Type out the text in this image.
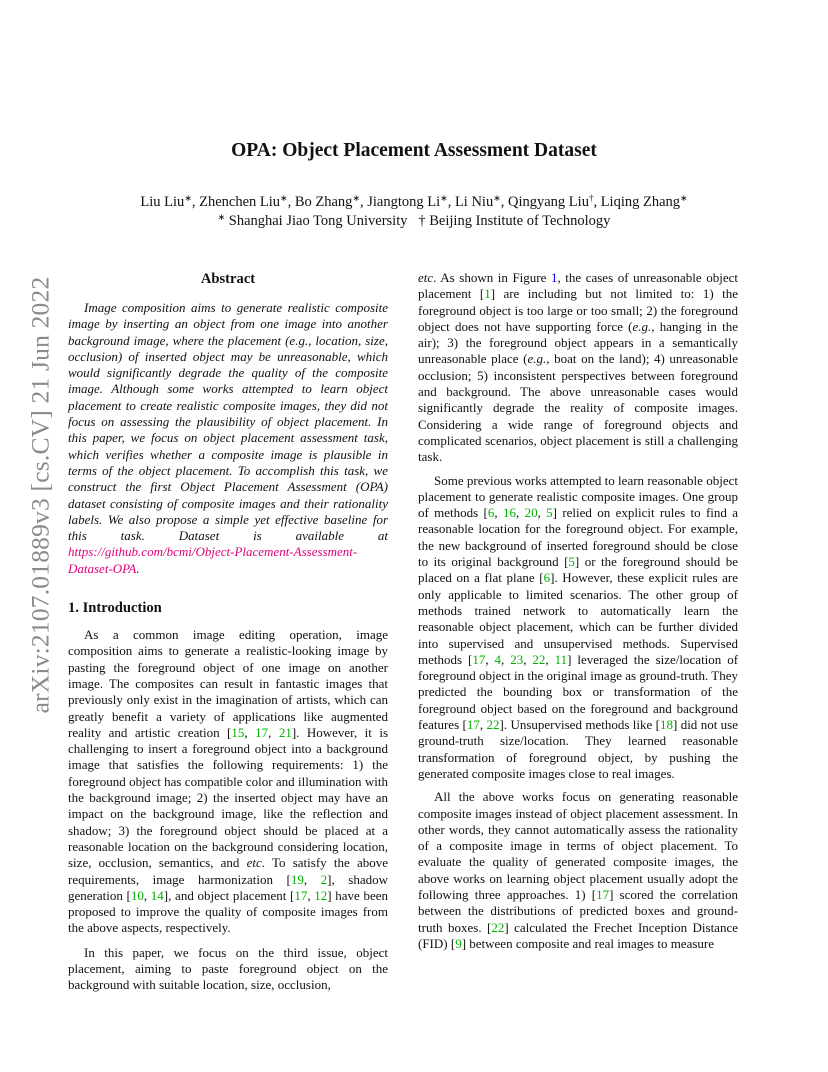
arXiv:2107.01889v3 [cs.CV] 21 Jun 2022
OPA: Object Placement Assessment Dataset
Liu Liu∗, Zhenchen Liu∗, Bo Zhang∗, Jiangtong Li∗, Li Niu∗, Qingyang Liu†, Liqing Zhang∗
∗ Shanghai Jiao Tong University   † Beijing Institute of Technology
Abstract

Image composition aims to generate realistic composite image by inserting an object from one image into another background image, where the placement (e.g., location, size, occlusion) of inserted object may be unreasonable, which would significantly degrade the quality of the composite image. Although some works attempted to learn object placement to create realistic composite images, they did not focus on assessing the plausibility of object placement. In this paper, we focus on object placement assessment task, which verifies whether a composite image is plausible in terms of the object placement. To accomplish this task, we construct the first Object Placement Assessment (OPA) dataset consisting of composite images and their rationality labels. We also propose a simple yet effective baseline for this task. Dataset is available at https://github.com/bcmi/Object-Placement-Assessment-Dataset-OPA.

1. Introduction

As a common image editing operation, image composition aims to generate a realistic-looking image by pasting the foreground object of one image on another image. The composites can result in fantastic images that previously only exist in the imagination of artists, which can greatly benefit a variety of applications like augmented reality and artistic creation [15, 17, 21]. However, it is challenging to insert a foreground object into a background image that satisfies the following requirements: 1) the foreground object has compatible color and illumination with the background image; 2) the inserted object may have an impact on the background image, like the reflection and shadow; 3) the foreground object should be placed at a reasonable location on the background considering location, size, occlusion, semantics, and etc. To satisfy the above requirements, image harmonization [19, 2], shadow generation [10, 14], and object placement [17, 12] have been proposed to improve the quality of composite images from the above aspects, respectively.

In this paper, we focus on the third issue, object placement, aiming to paste foreground object on the background with suitable location, size, occlusion,

etc. As shown in Figure 1, the cases of unreasonable object placement [1] are including but not limited to: 1) the foreground object is too large or too small; 2) the foreground object does not have supporting force (e.g., hanging in the air); 3) the foreground object appears in a semantically unreasonable place (e.g., boat on the land); 4) unreasonable occlusion; 5) inconsistent perspectives between foreground and background. The above unreasonable cases would significantly degrade the reality of composite images. Considering a wide range of foreground objects and complicated scenarios, object placement is still a challenging task.

Some previous works attempted to learn reasonable object placement to generate realistic composite images. One group of methods [6, 16, 20, 5] relied on explicit rules to find a reasonable location for the foreground object. For example, the new background of inserted foreground should be close to its original background [5] or the foreground should be placed on a flat plane [6]. However, these explicit rules are only applicable to limited scenarios. The other group of methods trained network to automatically learn the reasonable object placement, which can be further divided into supervised and unsupervised methods. Supervised methods [17, 4, 23, 22, 11] leveraged the size/location of foreground object in the original image as ground-truth. They predicted the bounding box or transformation of the foreground object based on the foreground and background features [17, 22]. Unsupervised methods like [18] did not use ground-truth size/location. They learned reasonable transformation of foreground object, by pushing the generated composite images close to real images.

All the above works focus on generating reasonable composite images instead of object placement assessment. In other words, they cannot automatically assess the rationality of a composite image in terms of object placement. To evaluate the quality of generated composite images, the above works on learning object placement usually adopt the following three approaches. 1) [17] scored the correlation between the distributions of predicted boxes and ground-truth boxes. [22] calculated the Frechet Inception Distance (FID) [9] between composite and real images to measure
